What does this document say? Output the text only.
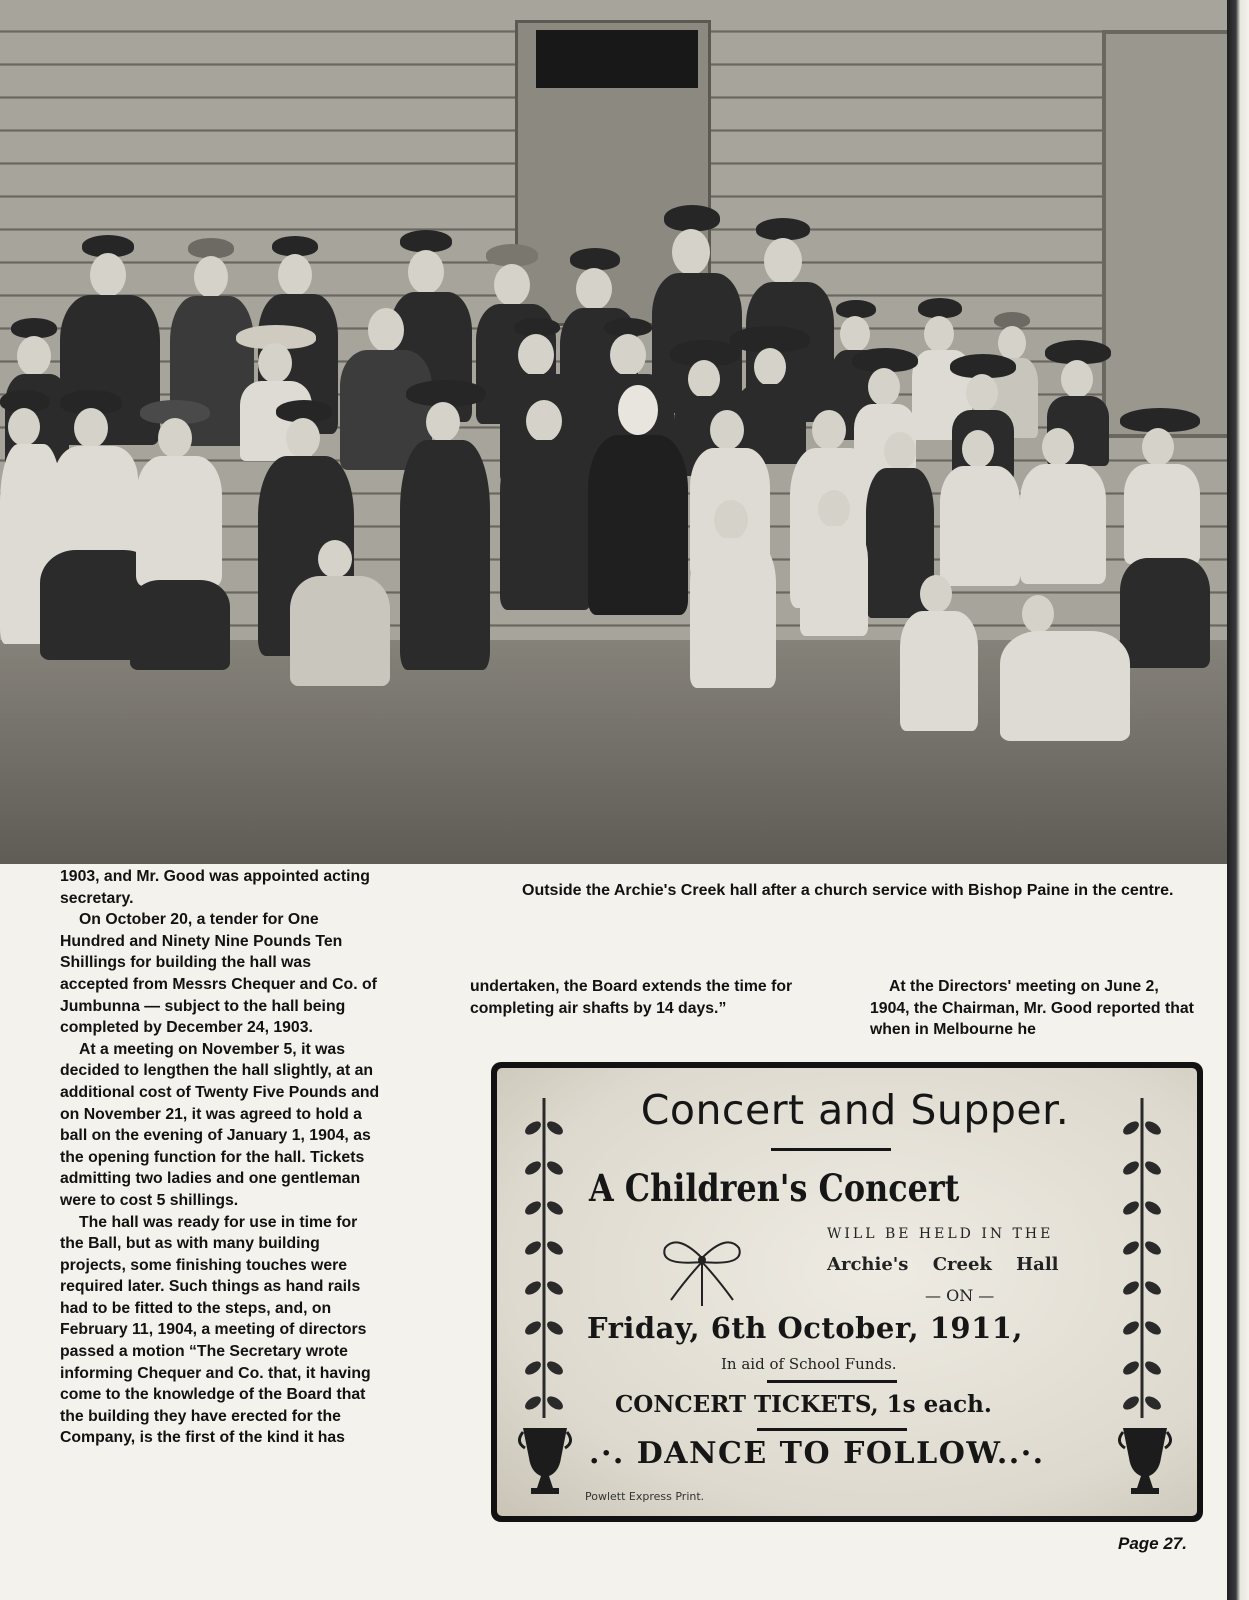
1903, and Mr. Good was appointed acting secretary.

On October 20, a tender for One Hundred and Ninety Nine Pounds Ten Shillings for building the hall was accepted from Messrs Chequer and Co. of Jumbunna — subject to the hall being completed by December 24, 1903.

At a meeting on November 5, it was decided to lengthen the hall slightly, at an additional cost of Twenty Five Pounds and on November 21, it was agreed to hold a ball on the evening of January 1, 1904, as the opening function for the hall. Tickets admitting two ladies and one gentleman were to cost 5 shillings.

The hall was ready for use in time for the Ball, but as with many building projects, some finishing touches were required later. Such things as hand rails had to be fitted to the steps, and, on February 11, 1904, a meeting of directors passed a motion “The Secretary wrote informing Chequer and Co. that, it having come to the knowledge of the Board that the building they have erected for the Company, is the first of the kind it has

Outside the Archie's Creek hall after a church service with Bishop Paine in the centre.

undertaken, the Board extends the time for completing air shafts by 14 days.”

At the Directors' meeting on June 2, 1904, the Chairman, Mr. Good reported that when in Melbourne he

Concert and Supper.
A Children's Concert
WILL BE HELD IN THE
Archie's Creek Hall
— ON —
Friday, 6th October, 1911,
In aid of School Funds.
CONCERT TICKETS, 1s each.
.·. DANCE TO FOLLOW..·.
Powlett Express Print.
Page 27.
